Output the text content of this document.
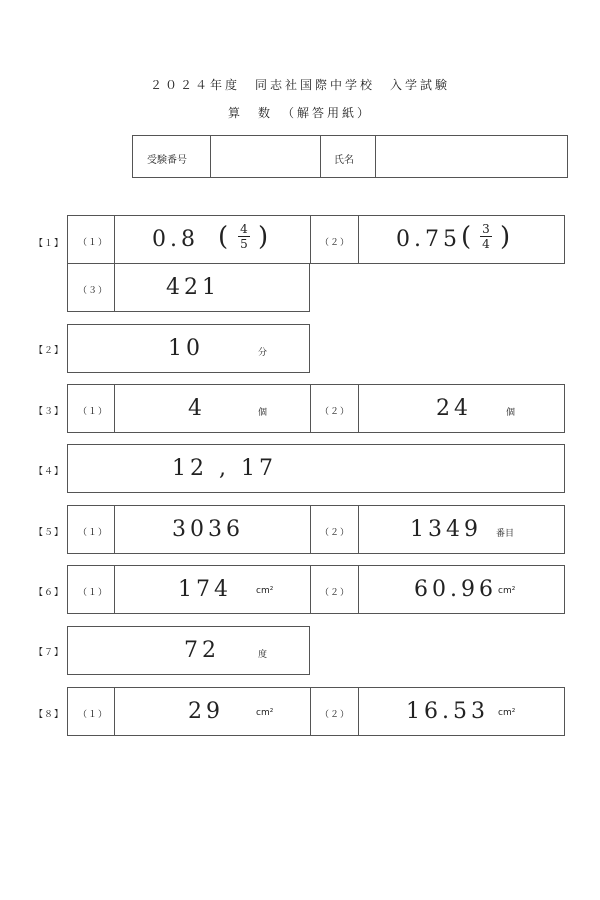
２０２４年度　同志社国際中学校　入学試験
算　数　（解答用紙）
受験番号	氏名
【１】 （１） 0.8 ( 4
5 )	（２） 0.75 ( 3
4 )
（３）	421
【２】	10	分
【３】 （１）	4	個	（２）	24	個
【４】	12 , 17
【５】 （１）	3036	（２）	1349 番目
【６】 （１）	174	cm²	（２）	60.96 cm²
【７】	72	度
【８】 （１）	29	cm²	（２）	16.53 cm²
